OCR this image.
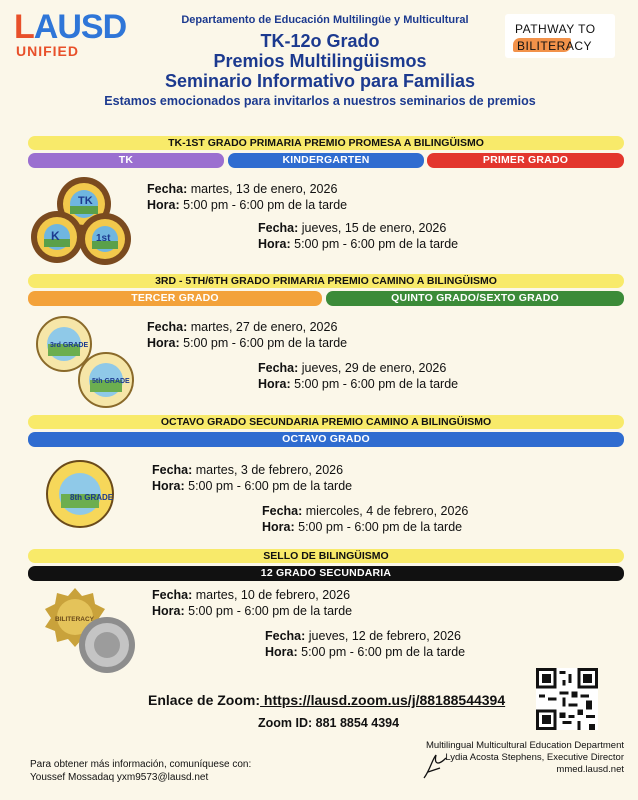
LAUSD
UNIFIED
PATHWAY TO
BILITERACY
Departamento de Educación Multilingüe y Multicultural
TK-12o Grado
Premios Multilingüismos
Seminario Informativo para Familias
Estamos emocionados para invitarlos a nuestros seminarios de premios
TK-1ST GRADO PRIMARIA PREMIO PROMESA A BILINGÜISMO
TK	KINDERGARTEN	PRIMER GRADO
TK
K	1st
Fecha: martes, 13 de enero, 2026
Hora: 5:00 pm - 6:00 pm de la tarde
Fecha: jueves, 15 de enero, 2026
Hora: 5:00 pm - 6:00 pm de la tarde
3RD - 5TH/6TH GRADO PRIMARIA PREMIO CAMINO A BILINGÜISMO
TERCER GRADO	QUINTO GRADO/SEXTO GRADO
3rd GRADE
5th GRADE
Fecha: martes, 27 de enero, 2026
Hora: 5:00 pm - 6:00 pm de la tarde
Fecha: jueves, 29 de enero, 2026
Hora: 5:00 pm - 6:00 pm de la tarde
OCTAVO GRADO SECUNDARIA PREMIO CAMINO A BILINGÜISMO
OCTAVO GRADO
8th GRADE
Fecha: martes, 3 de febrero, 2026
Hora: 5:00 pm - 6:00 pm de la tarde
Fecha: miercoles, 4 de febrero, 2026
Hora: 5:00 pm - 6:00 pm de la tarde
SELLO DE BILINGÜISMO
12 GRADO SECUNDARIA
BILITERACY
Fecha: martes, 10 de febrero, 2026
Hora: 5:00 pm - 6:00 pm de la tarde
Fecha: jueves, 12 de febrero, 2026
Hora: 5:00 pm - 6:00 pm de la tarde
Enlace de Zoom: https://lausd.zoom.us/j/88188544394
Zoom ID: 881 8854 4394
Para obtener más información, comuníquese con:
Youssef Mossadaq yxm9573@lausd.net
Multilingual Multicultural Education Department
Lydia Acosta Stephens, Executive Director
mmed.lausd.net
